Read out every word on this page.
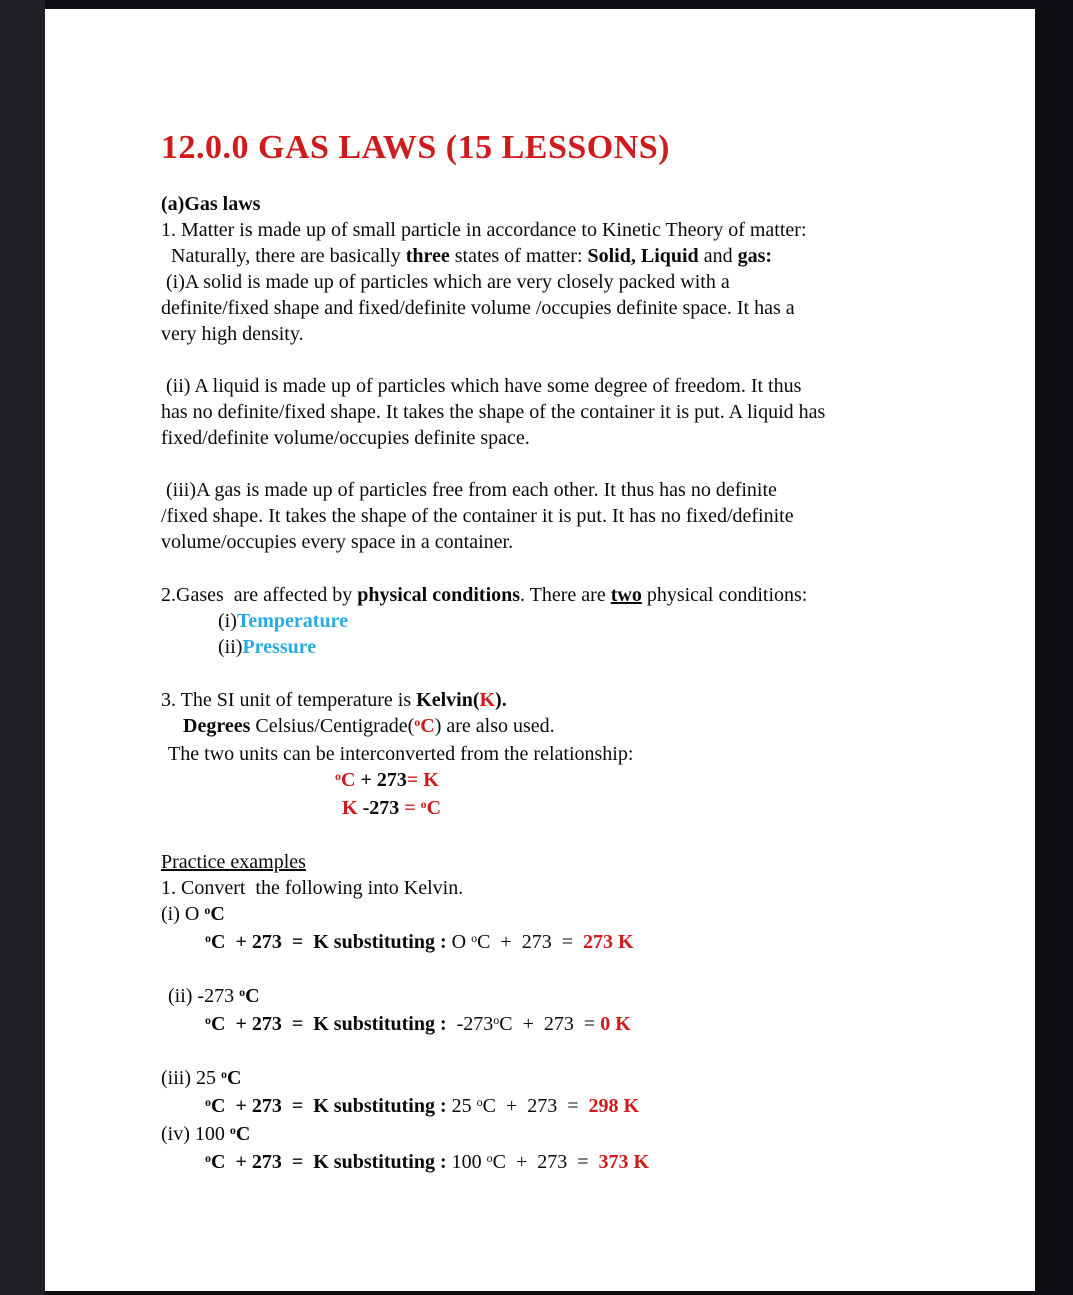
12.0.0 GAS LAWS (15 LESSONS)
(a)Gas laws
1. Matter is made up of small particle in accordance to Kinetic Theory of matter:
Naturally, there are basically three states of matter: Solid, Liquid and gas:
(i)A solid is made up of particles which are very closely packed with a
definite/fixed shape and fixed/definite volume /occupies definite space. It has a
very high density.
(ii) A liquid is made up of particles which have some degree of freedom. It thus
has no definite/fixed shape. It takes the shape of the container it is put. A liquid has
fixed/definite volume/occupies definite space.
(iii)A gas is made up of particles free from each other. It thus has no definite
/fixed shape. It takes the shape of the container it is put. It has no fixed/definite
volume/occupies every space in a container.
2.Gases  are affected by physical conditions. There are two physical conditions:
(i)Temperature
(ii)Pressure
3. The SI unit of temperature is Kelvin(K).
Degrees Celsius/Centigrade($^o$C) are also used.
The two units can be interconverted from the relationship:
$^o$C + 273= K
K -273 = $^o$C
Practice examples
1. Convert  the following into Kelvin.
(i) O $^o$C
$^o$C  + 273  =  K substituting : O $^o$C  +  273  =  273 K
(ii) -273 $^o$C
$^o$C  + 273  =  K substituting :  -273$^o$C  +  273  = 0 K
(iii) 25 $^o$C
$^o$C  + 273  =  K substituting : 25 $^o$C  +  273  =  298 K
(iv) 100 $^o$C
$^o$C  + 273  =  K substituting : 100 $^o$C  +  273  =  373 K
